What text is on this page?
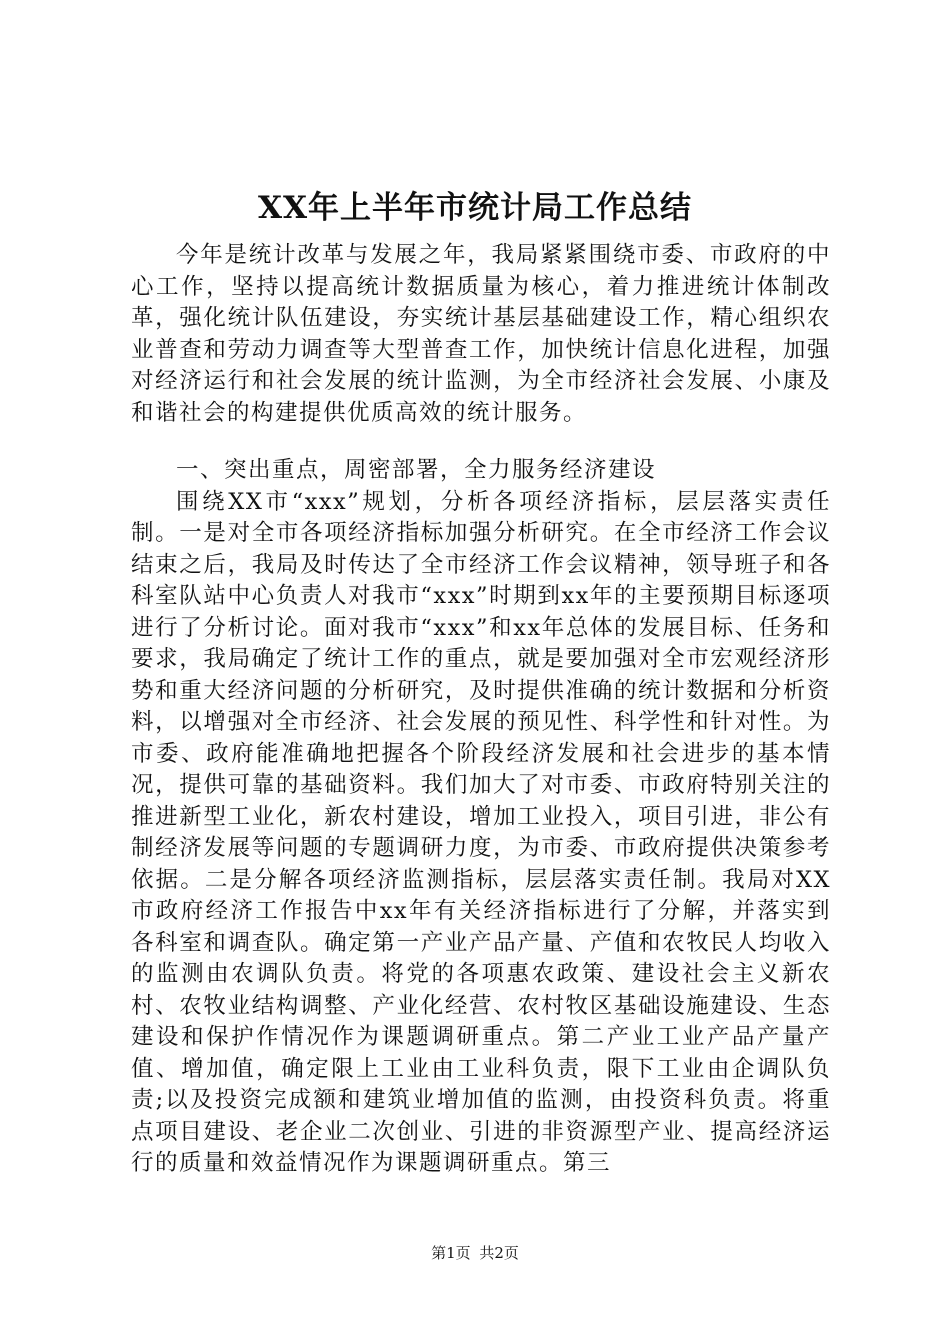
XX年上半年市统计局工作总结

今年是统计改革与发展之年，我局紧紧围绕市委、市政府的中心工作，坚持以提高统计数据质量为核心，着力推进统计体制改革，强化统计队伍建设，夯实统计基层基础建设工作，精心组织农业普查和劳动力调查等大型普查工作，加快统计信息化进程，加强对经济运行和社会发展的统计监测，为全市经济社会发展、小康及和谐社会的构建提供优质高效的统计服务。

一、突出重点，周密部署，全力服务经济建设

围绕XX市“xxx”规划，分析各项经济指标，层层落实责任制。一是对全市各项经济指标加强分析研究。在全市经济工作会议结束之后，我局及时传达了全市经济工作会议精神，领导班子和各科室队站中心负责人对我市“xxx”时期到xx年的主要预期目标逐项进行了分析讨论。面对我市“xxx”和xx年总体的发展目标、任务和要求，我局确定了统计工作的重点，就是要加强对全市宏观经济形势和重大经济问题的分析研究，及时提供准确的统计数据和分析资料，以增强对全市经济、社会发展的预见性、科学性和针对性。为市委、政府能准确地把握各个阶段经济发展和社会进步的基本情况，提供可靠的基础资料。我们加大了对市委、市政府特别关注的推进新型工业化，新农村建设，增加工业投入，项目引进，非公有制经济发展等问题的专题调研力度，为市委、市政府提供决策参考依据。二是分解各项经济监测指标，层层落实责任制。我局对XX市政府经济工作报告中xx年有关经济指标进行了分解，并落实到各科室和调查队。确定第一产业产品产量、产值和农牧民人均收入的监测由农调队负责。将党的各项惠农政策、建设社会主义新农村、农牧业结构调整、产业化经营、农村牧区基础设施建设、生态建设和保护作情况作为课题调研重点。第二产业工业产品产量产值、增加值，确定限上工业由工业科负责，限下工业由企调队负责;以及投资完成额和建筑业增加值的监测，由投资科负责。将重点项目建设、老企业二次创业、引进的非资源型产业、提高经济运行的质量和效益情况作为课题调研重点。第三

第1页 共2页
